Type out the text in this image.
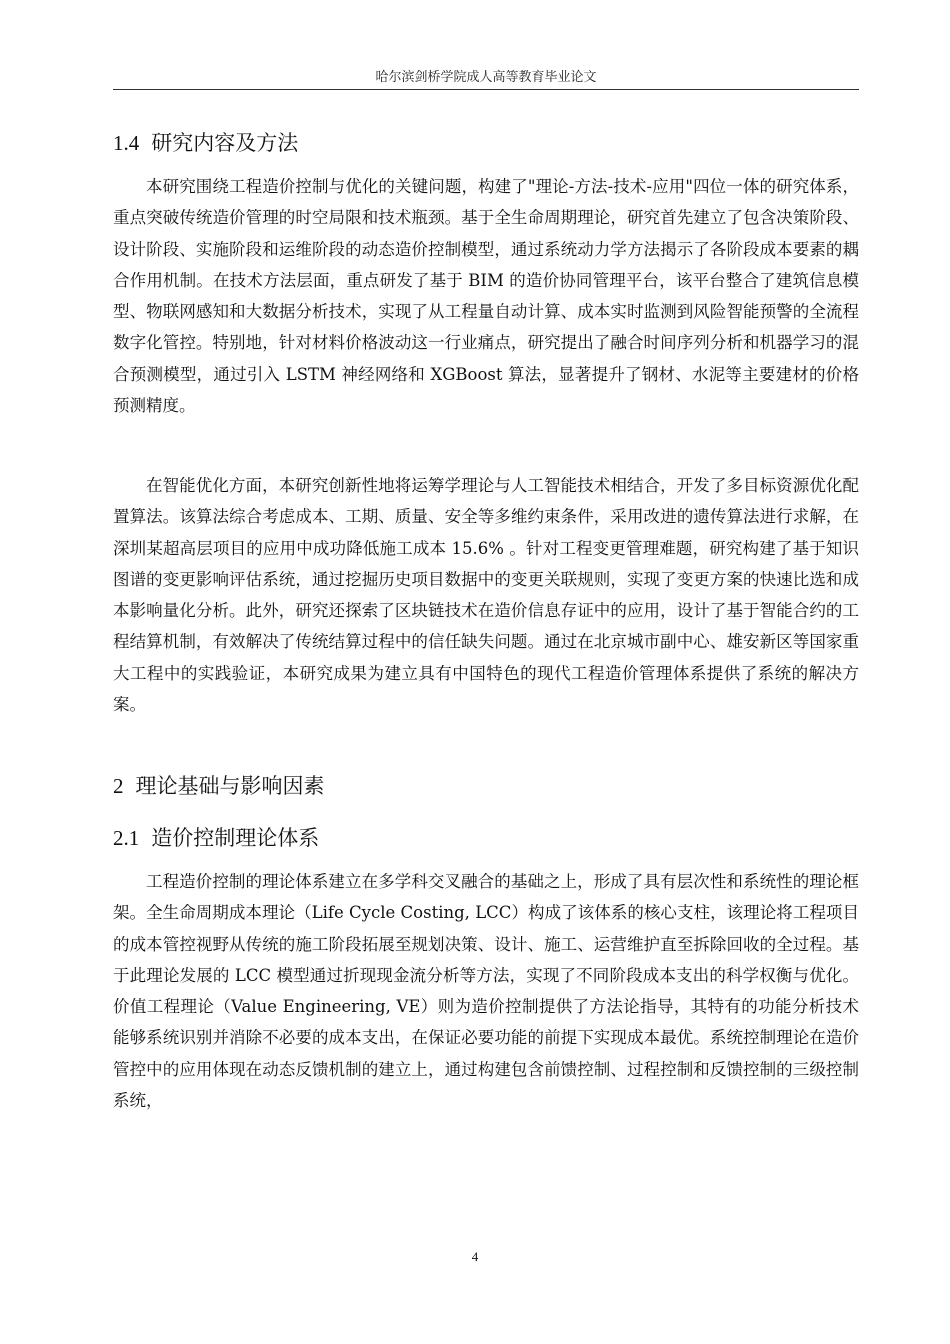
哈尔滨剑桥学院成人高等教育毕业论文
1.4 研究内容及方法

本研究围绕工程造价控制与优化的关键问题，构建了"理论-方法-技术-应用"四位一体的研究体系，重点突破传统造价管理的时空局限和技术瓶颈。基于全生命周期理论，研究首先建立了包含决策阶段、设计阶段、实施阶段和运维阶段的动态造价控制模型，通过系统动力学方法揭示了各阶段成本要素的耦合作用机制。在技术方法层面，重点研发了基于 BIM 的造价协同管理平台，该平台整合了建筑信息模型、物联网感知和大数据分析技术，实现了从工程量自动计算、成本实时监测到风险智能预警的全流程数字化管控。特别地，针对材料价格波动这一行业痛点，研究提出了融合时间序列分析和机器学习的混合预测模型，通过引入 LSTM 神经网络和 XGBoost 算法，显著提升了钢材、水泥等主要建材的价格预测精度。

在智能优化方面，本研究创新性地将运筹学理论与人工智能技术相结合，开发了多目标资源优化配置算法。该算法综合考虑成本、工期、质量、安全等多维约束条件，采用改进的遗传算法进行求解，在深圳某超高层项目的应用中成功降低施工成本 15.6% 。针对工程变更管理难题，研究构建了基于知识图谱的变更影响评估系统，通过挖掘历史项目数据中的变更关联规则，实现了变更方案的快速比选和成本影响量化分析。此外，研究还探索了区块链技术在造价信息存证中的应用，设计了基于智能合约的工程结算机制，有效解决了传统结算过程中的信任缺失问题。通过在北京城市副中心、雄安新区等国家重大工程中的实践验证，本研究成果为建立具有中国特色的现代工程造价管理体系提供了系统的解决方案。

2 理论基础与影响因素
2.1 造价控制理论体系

工程造价控制的理论体系建立在多学科交叉融合的基础之上，形成了具有层次性和系统性的理论框架。全生命周期成本理论（Life Cycle Costing, LCC）构成了该体系的核心支柱，该理论将工程项目的成本管控视野从传统的施工阶段拓展至规划决策、设计、施工、运营维护直至拆除回收的全过程。基于此理论发展的 LCC 模型通过折现现金流分析等方法，实现了不同阶段成本支出的科学权衡与优化。价值工程理论（Value Engineering, VE）则为造价控制提供了方法论指导，其特有的功能分析技术能够系统识别并消除不必要的成本支出，在保证必要功能的前提下实现成本最优。系统控制理论在造价管控中的应用体现在动态反馈机制的建立上，通过构建包含前馈控制、过程控制和反馈控制的三级控制系统，

4
